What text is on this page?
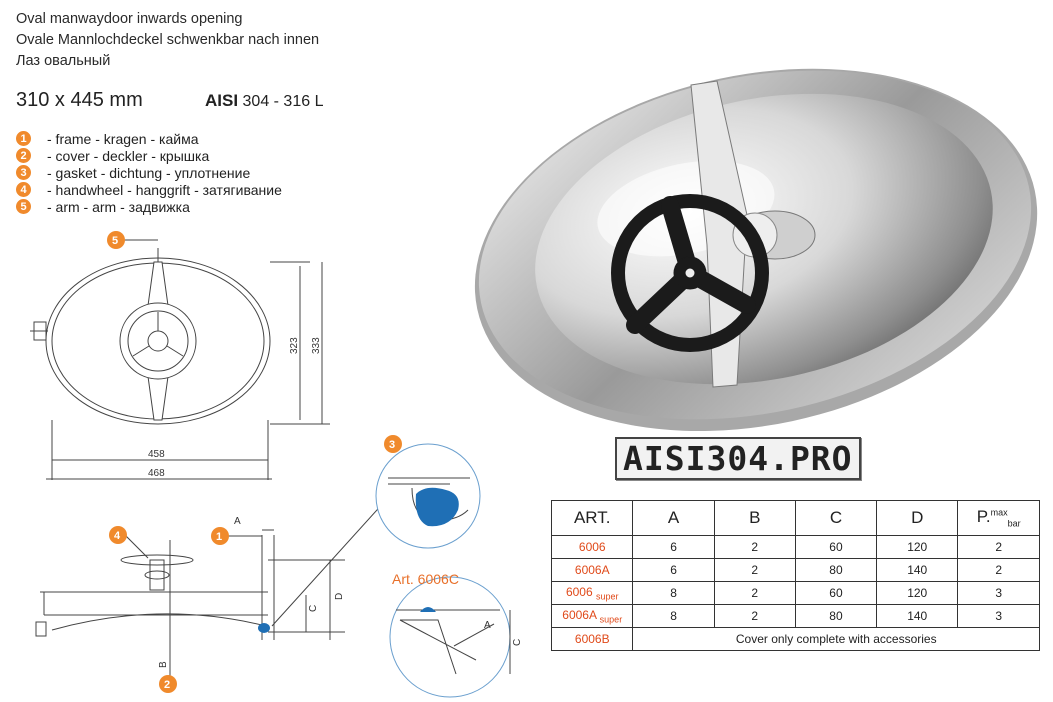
Oval manwaydoor inwards opening
Ovale Mannlochdeckel schwenkbar nach innen
Лаз овальный
310 x 445 mm	AISI 304 - 316 L
1	- frame - kragen - кайма
2	- cover - deckler - крышка
3	- gasket - dichtung - уплотнение
4	- handwheel - hanggrift - затягивание
5	- arm - arm - задвижка
458
468
323 333
A
B
C
D
Art. 6006C
A
C
5
4	1
2
3	AISI304.PRO
ART.	A	B	C	D	P.$^{max}_{bar}$
6006	6	2	60	120	2
6006A	6	2	80	140	2
6006 $_{super}$	8	2	60	120	3
6006A $_{super}$	8	2	80	140	3
6006B	Cover only complete with accessories				
